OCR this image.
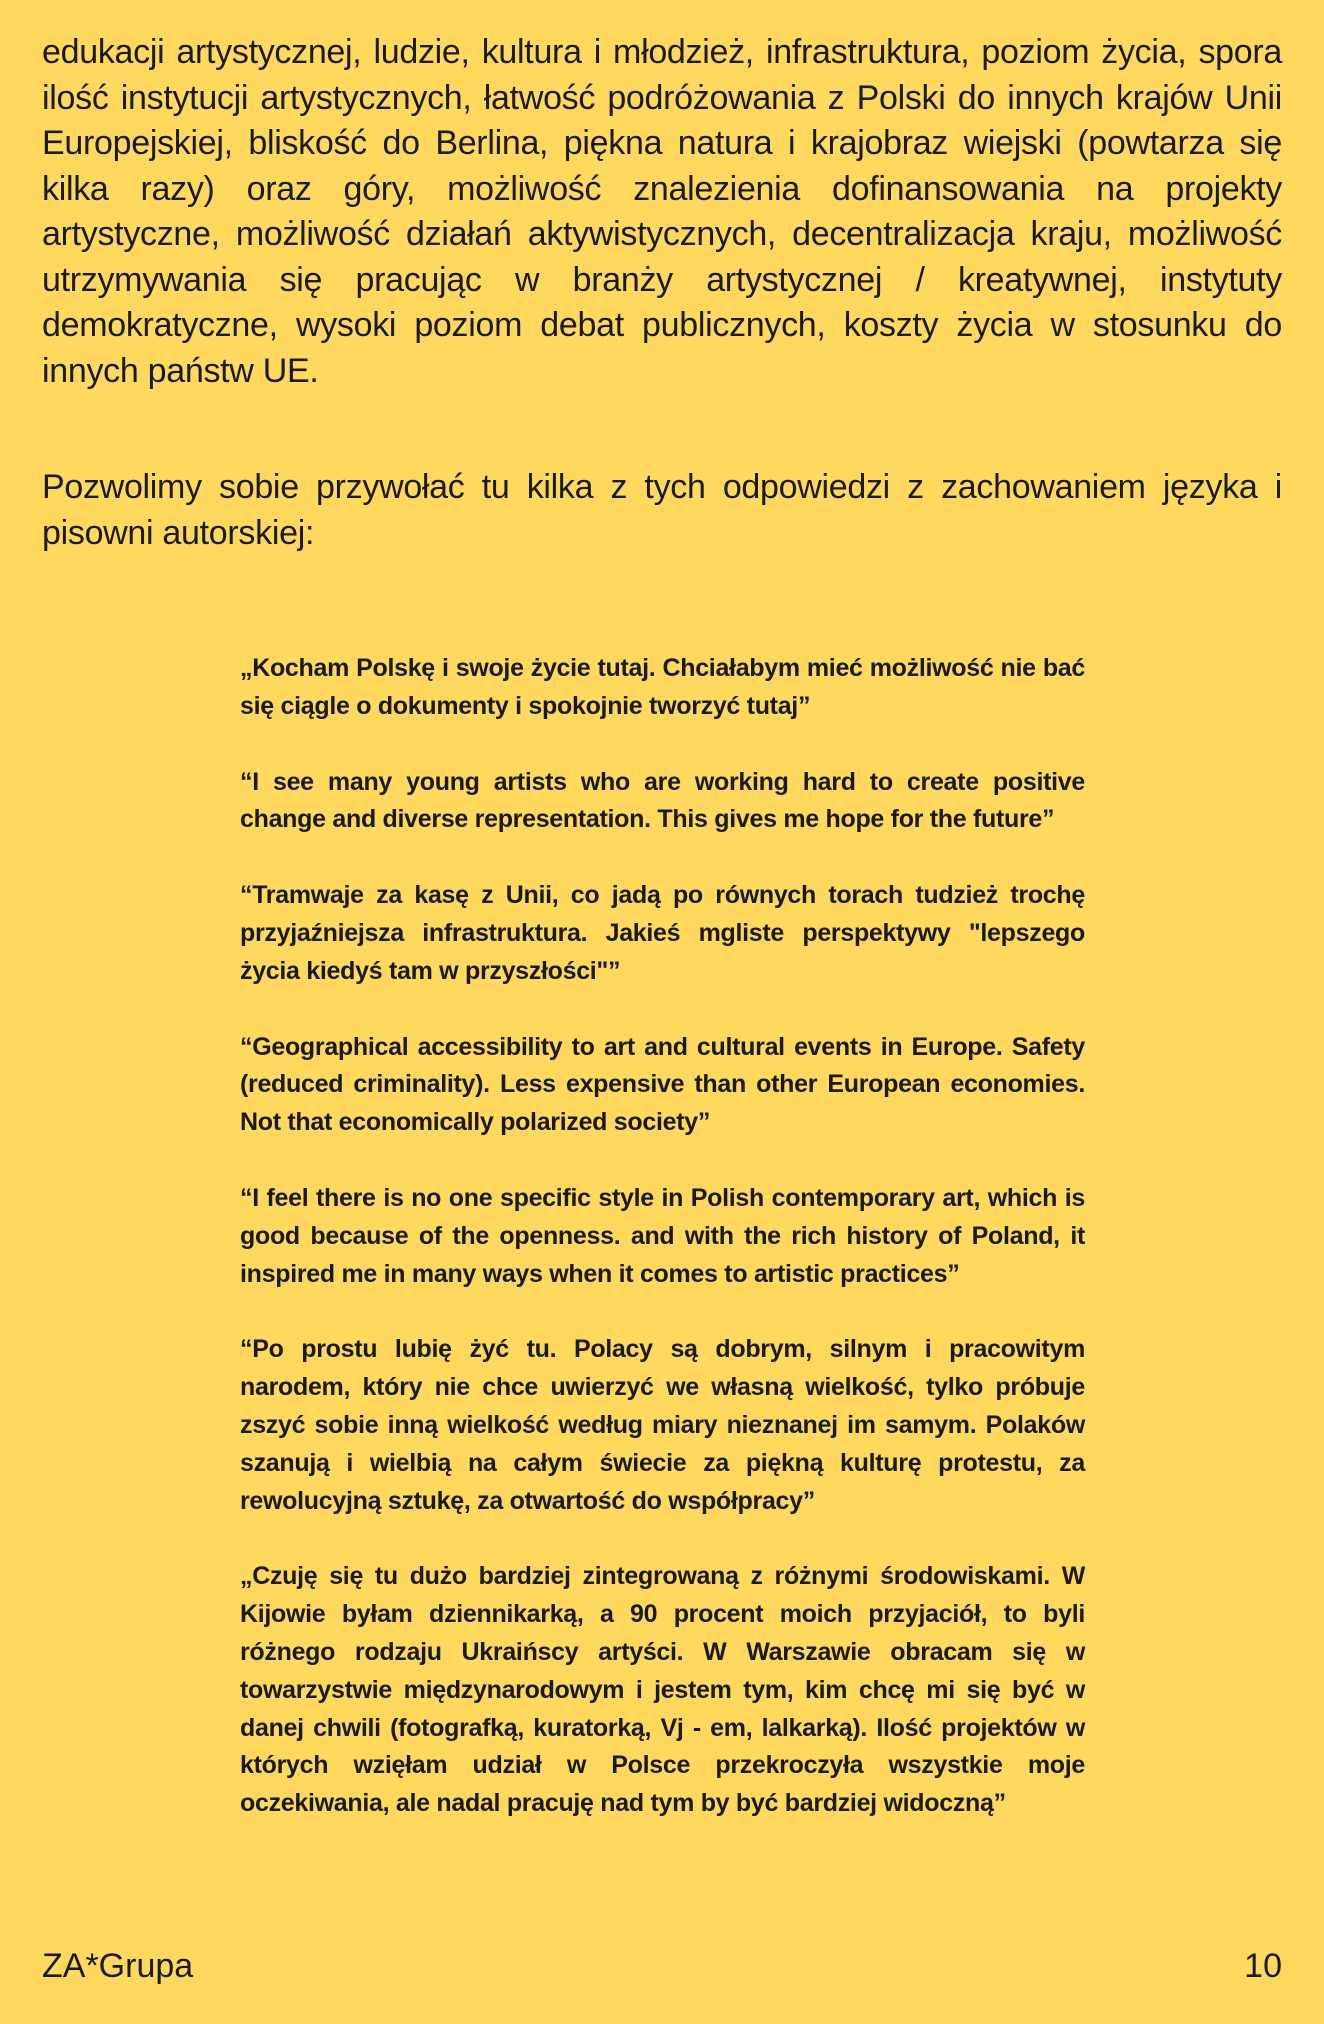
edukacji artystycznej, ludzie, kultura i młodzież, infrastruktura, poziom życia, spora ilość instytucji artystycznych, łatwość podróżowania z Polski do innych krajów Unii Europejskiej, bliskość do Berlina, piękna natura i krajobraz wiejski (powtarza się kilka razy) oraz góry, możliwość znalezienia dofinansowania na projekty artystyczne, możliwość działań aktywistycznych, decentralizacja kraju, możliwość utrzymywania się pracując w branży artystycznej / kreatywnej, instytuty demokratyczne, wysoki poziom debat publicznych, koszty życia w stosunku do innych państw UE.

Pozwolimy sobie przywołać tu kilka z tych odpowiedzi z zachowaniem języka i pisowni autorskiej:

„Kocham Polskę i swoje życie tutaj. Chciałabym mieć możliwość nie bać się ciągle o dokumenty i spokojnie tworzyć tutaj”

“I see many young artists who are working hard to create positive change and diverse representation. This gives me hope for the future”

“Tramwaje za kasę z Unii, co jadą po równych torach tudzież trochę przyjaźniejsza infrastruktura. Jakieś mgliste perspektywy "lepszego życia kiedyś tam w przyszłości"”

“Geographical accessibility to art and cultural events in Europe. Safety (reduced criminality). Less expensive than other European economies. Not that economically polarized society”

“I feel there is no one specific style in Polish contemporary art, which is good because of the openness. and with the rich history of Poland, it inspired me in many ways when it comes to artistic practices”

“Po prostu lubię żyć tu. Polacy są dobrym, silnym i pracowitym narodem, który nie chce uwierzyć we własną wielkość, tylko próbuje zszyć sobie inną wielkość według miary nieznanej im samym. Polaków szanują i wielbią na całym świecie za piękną kulturę protestu, za rewolucyjną sztukę, za otwartość do współpracy”

„Czuję się tu dużo bardziej zintegrowaną z różnymi środowiskami. W Kijowie byłam dziennikarką, a 90 procent moich przyjaciół, to byli różnego rodzaju Ukraińscy artyści. W Warszawie obracam się w towarzystwie międzynarodowym i jestem tym, kim chcę mi się być w danej chwili (fotografką, kuratorką, Vj - em, lalkarką). Ilość projektów w których wzięłam udział w Polsce przekroczyła wszystkie moje oczekiwania, ale nadal pracuję nad tym by być bardziej widoczną”

ZA*Grupa	10
